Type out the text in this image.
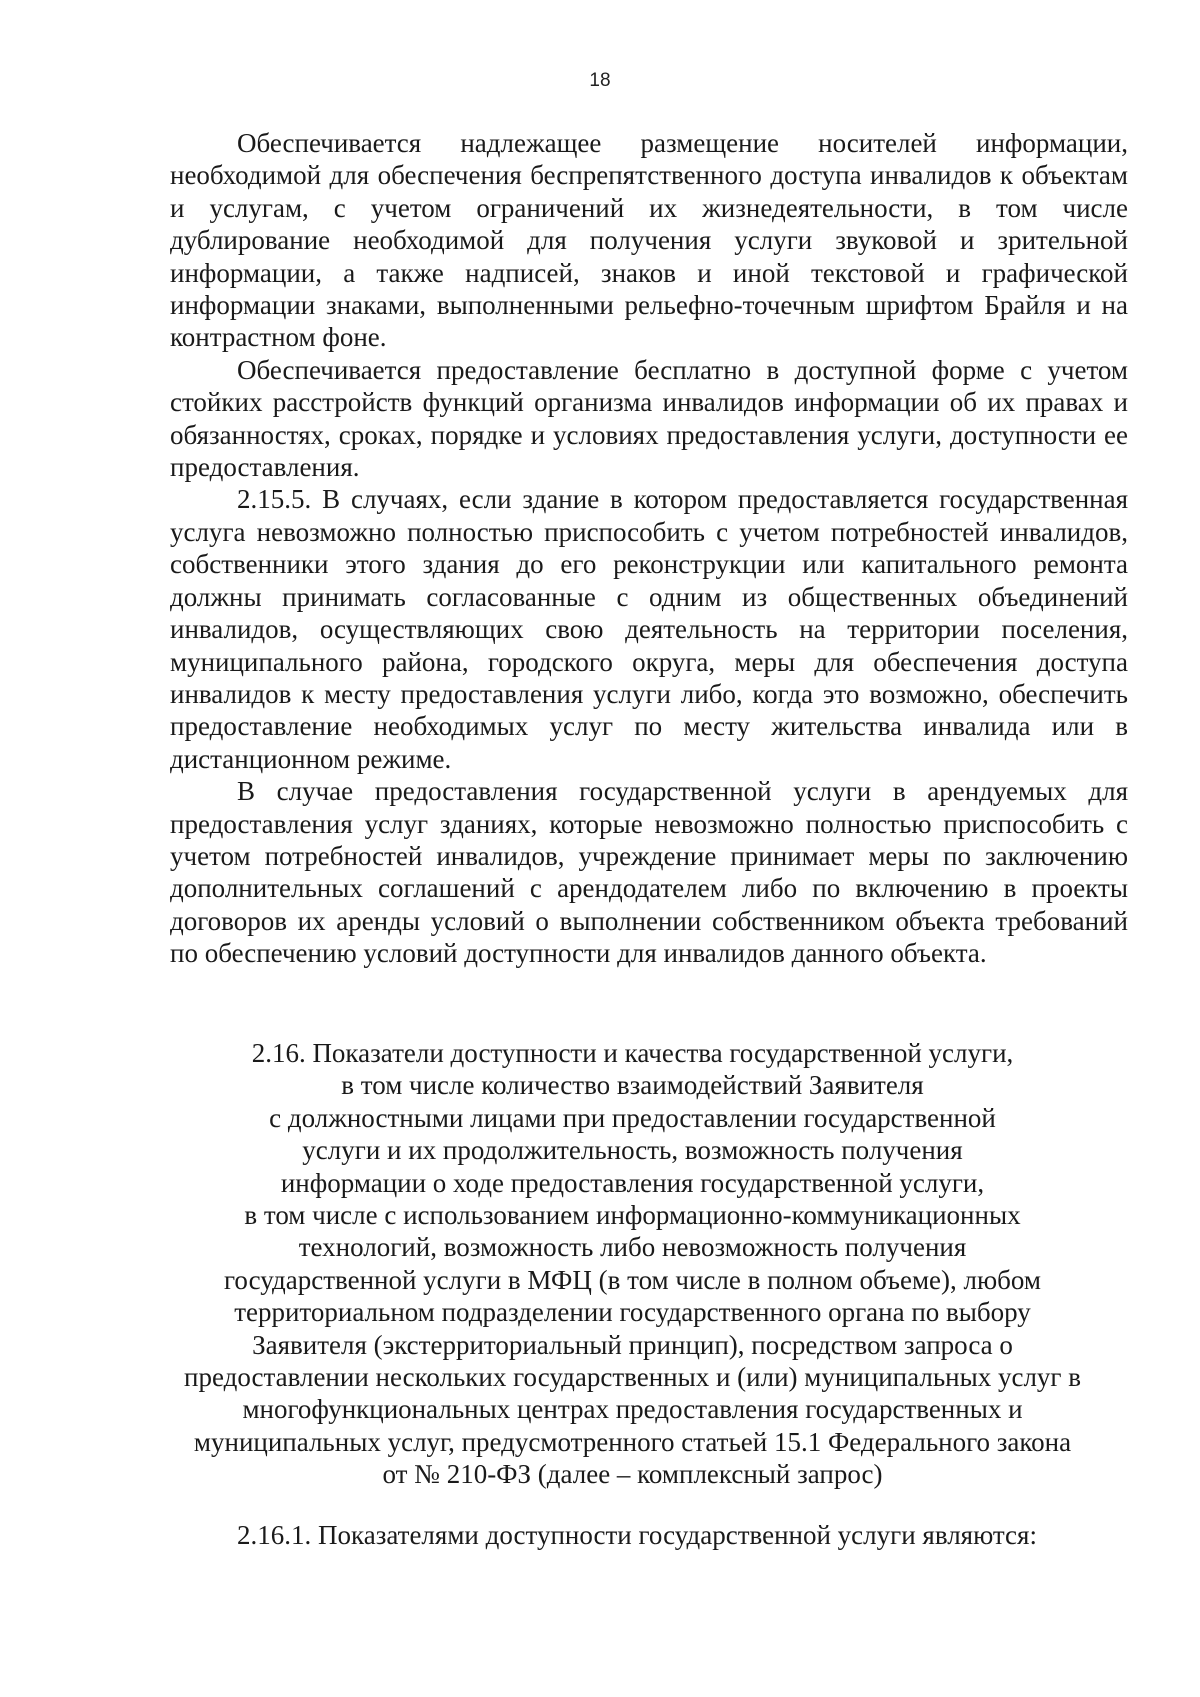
18

Обеспечивается надлежащее размещение носителей информации, необходимой для обеспечения беспрепятственного доступа инвалидов к объектам и услугам, с учетом ограничений их жизнедеятельности, в том числе дублирование необходимой для получения услуги звуковой и зрительной информации, а также надписей, знаков и иной текстовой и графической информации знаками, выполненными рельефно-точечным шрифтом Брайля и на контрастном фоне.

Обеспечивается предоставление бесплатно в доступной форме с учетом стойких расстройств функций организма инвалидов информации об их правах и обязанностях, сроках, порядке и условиях предоставления услуги, доступности ее предоставления.

2.15.5. В случаях, если здание в котором предоставляется государственная услуга невозможно полностью приспособить с учетом потребностей инвалидов, собственники этого здания до его реконструкции или капитального ремонта должны принимать согласованные с одним из общественных объединений инвалидов, осуществляющих свою деятельность на территории поселения, муниципального района, городского округа, меры для обеспечения доступа инвалидов к месту предоставления услуги либо, когда это возможно, обеспечить предоставление необходимых услуг по месту жительства инвалида или в дистанционном режиме.

В случае предоставления государственной услуги в арендуемых для предоставления услуг зданиях, которые невозможно полностью приспособить с учетом потребностей инвалидов, учреждение принимает меры по заключению дополнительных соглашений с арендодателем либо по включению в проекты договоров их аренды условий о выполнении собственником объекта требований по обеспечению условий доступности для инвалидов данного объекта.

2.16. Показатели доступности и качества государственной услуги,
в том числе количество взаимодействий Заявителя
с должностными лицами при предоставлении государственной
услуги и их продолжительность, возможность получения
информации о ходе предоставления государственной услуги,
в том числе с использованием информационно-коммуникационных
технологий, возможность либо невозможность получения
государственной услуги в МФЦ (в том числе в полном объеме), любом
территориальном подразделении государственного органа по выбору
Заявителя (экстерриториальный принцип), посредством запроса о
предоставлении нескольких государственных и (или) муниципальных услуг в
многофункциональных центрах предоставления государственных и
муниципальных услуг, предусмотренного статьей 15.1 Федерального закона
от № 210-ФЗ (далее – комплексный запрос)

2.16.1. Показателями доступности государственной услуги являются:
